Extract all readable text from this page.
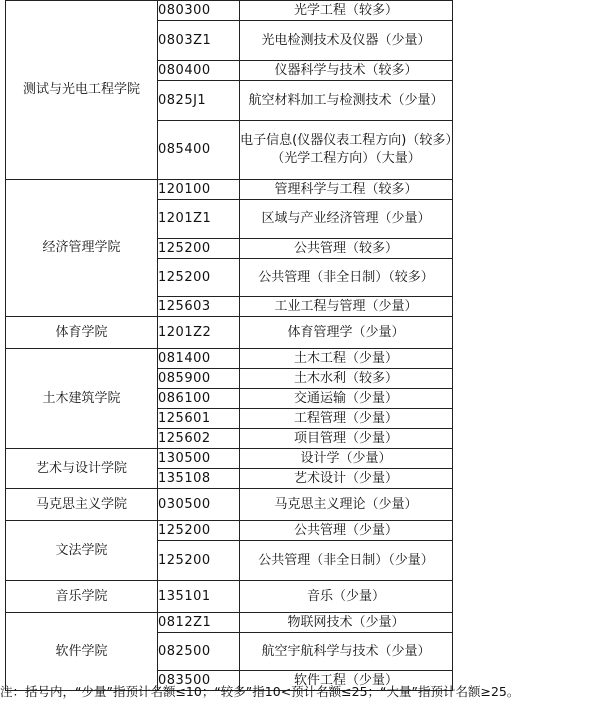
测试与光电工程学院	080300	光学工程（较多）
	0803Z1	光电检测技术及仪器（少量）
	080400	仪器科学与技术（较多）
	0825J1	航空材料加工与检测技术（少量）
	085400	电子信息(仪器仪表工程方向)（较多）（光学工程方向）（大量）
经济管理学院	120100	管理科学与工程（较多）
	1201Z1	区域与产业经济管理（少量）
	125200	公共管理（较多）
	125200	公共管理（非全日制）（较多）
	125603	工业工程与管理（少量）
体育学院	1201Z2	体育管理学（少量）
土木建筑学院	081400	土木工程（少量）
	085900	土木水利（较多）
	086100	交通运输（少量）
	125601	工程管理（少量）
	125602	项目管理（少量）
艺术与设计学院	130500	设计学（少量）
	135108	艺术设计（少量）
马克思主义学院	030500	马克思主义理论（少量）
文法学院	125200	公共管理（少量）
	125200	公共管理（非全日制）（少量）
音乐学院	135101	音乐（少量）
软件学院	0812Z1	物联网技术（少量）
	082500	航空宇航科学与技术（少量）
	083500	软件工程（少量）
注：括号内，“少量”指预计名额≤10；“较多”指10<预计名额≤25；“大量”指预计名额≥25。
